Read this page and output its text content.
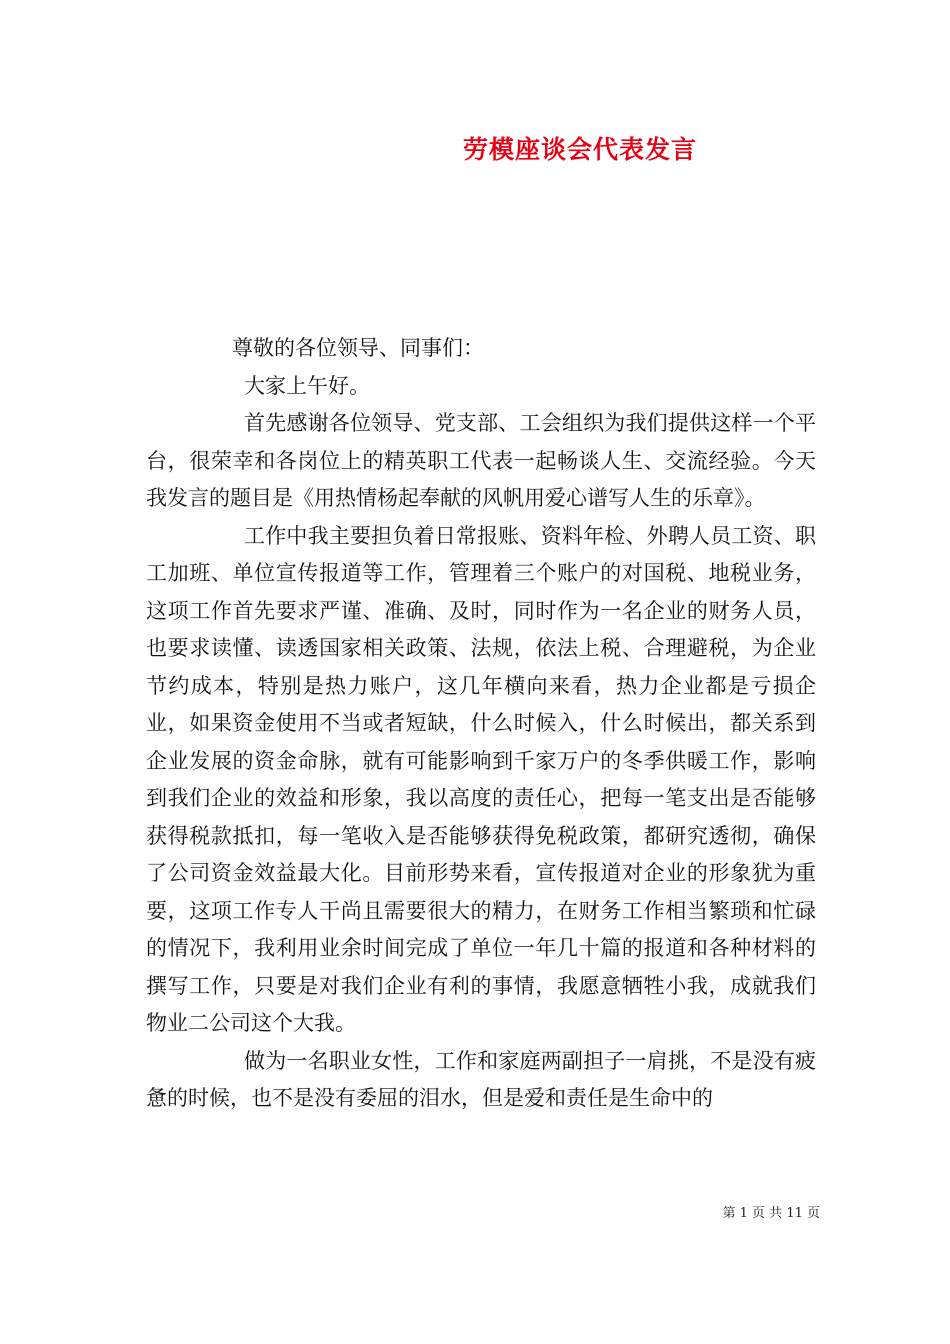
劳模座谈会代表发言

尊敬的各位领导、同事们：

大家上午好。

首先感谢各位领导、党支部、工会组织为我们提供这样一个平台，很荣幸和各岗位上的精英职工代表一起畅谈人生、交流经验。今天我发言的题目是《用热情杨起奉献的风帆用爱心谱写人生的乐章》。

工作中我主要担负着日常报账、资料年检、外聘人员工资、职工加班、单位宣传报道等工作，管理着三个账户的对国税、地税业务，这项工作首先要求严谨、准确、及时，同时作为一名企业的财务人员，也要求读懂、读透国家相关政策、法规，依法上税、合理避税，为企业节约成本，特别是热力账户，这几年横向来看，热力企业都是亏损企业，如果资金使用不当或者短缺，什么时候入，什么时候出，都关系到企业发展的资金命脉，就有可能影响到千家万户的冬季供暖工作，影响到我们企业的效益和形象，我以高度的责任心，把每一笔支出是否能够获得税款抵扣，每一笔收入是否能够获得免税政策，都研究透彻，确保了公司资金效益最大化。目前形势来看，宣传报道对企业的形象犹为重要，这项工作专人干尚且需要很大的精力，在财务工作相当繁琐和忙碌的情况下，我利用业余时间完成了单位一年几十篇的报道和各种材料的撰写工作，只要是对我们企业有利的事情，我愿意牺牲小我，成就我们物业二公司这个大我。

做为一名职业女性，工作和家庭两副担子一肩挑，不是没有疲惫的时候，也不是没有委屈的泪水，但是爱和责任是生命中的

第 1 页 共 11 页
